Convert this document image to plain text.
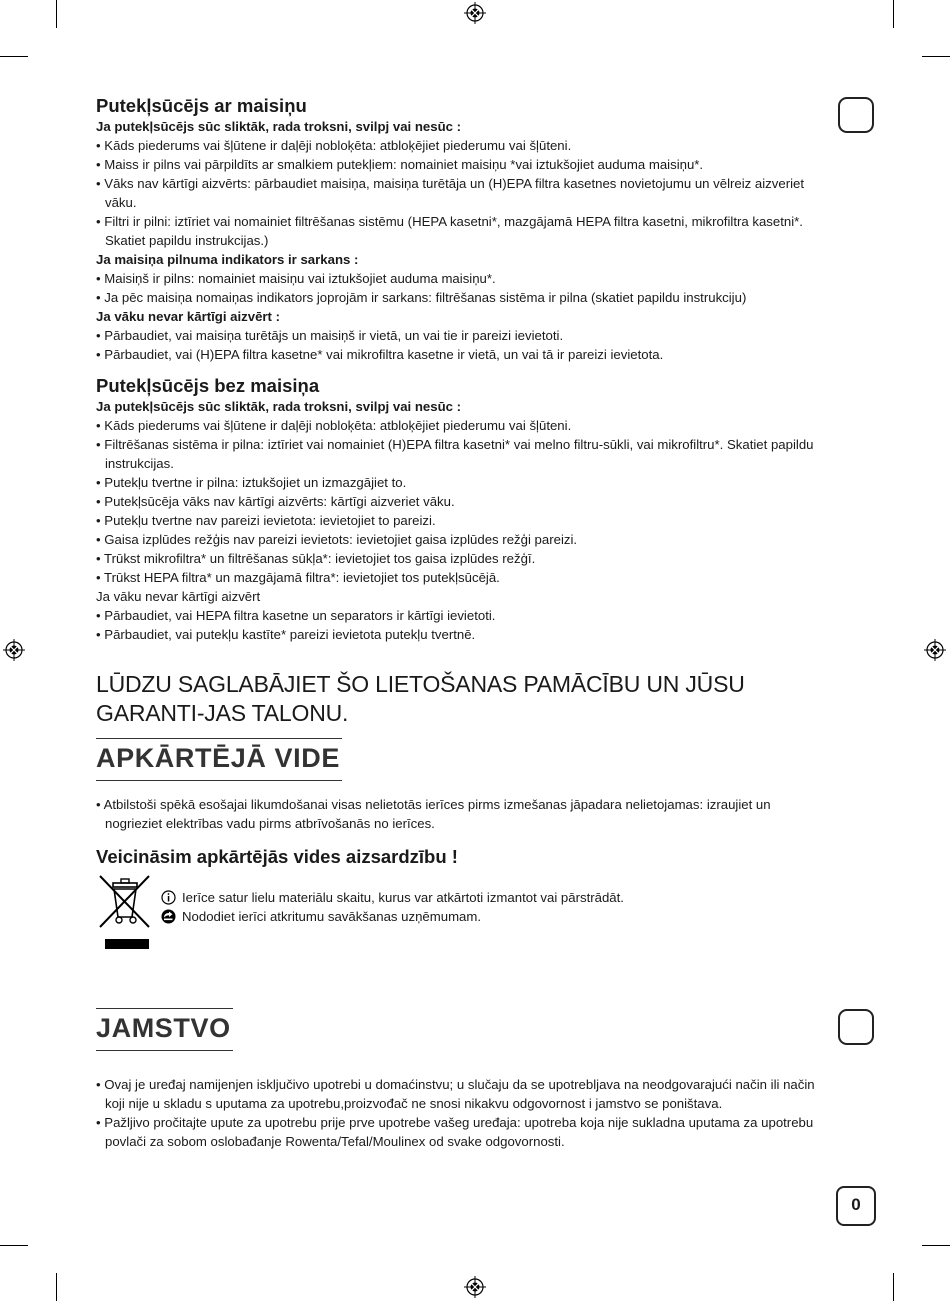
Putekļsūcējs ar maisiņu
Ja putekļsūcējs sūc sliktāk, rada troksni, svilpj vai nesūc :
• Kāds piederums vai šļūtene ir daļēji nobloķēta: atbloķējiet piederumu vai šļūteni.
• Maiss ir pilns vai pārpildīts ar smalkiem putekļiem: nomainiet maisiņu *vai iztukšojiet auduma maisiņu*.
• Vāks nav kārtīgi aizvērts: pārbaudiet maisiņa, maisiņa turētāja un (H)EPA filtra kasetnes novietojumu un vēlreiz aizveriet vāku.
• Filtri ir pilni: iztīriet vai nomainiet filtrēšanas sistēmu (HEPA kasetni*, mazgājamā HEPA filtra kasetni, mikrofiltra kasetni*. Skatiet papildu instrukcijas.)
Ja maisiņa pilnuma indikators ir sarkans :
• Maisiņš ir pilns: nomainiet maisiņu vai iztukšojiet auduma maisiņu*.
• Ja pēc maisiņa nomaiņas indikators joprojām ir sarkans: filtrēšanas sistēma ir pilna (skatiet papildu instrukciju)
Ja vāku nevar kārtīgi aizvērt :
• Pārbaudiet, vai maisiņa turētājs un maisiņš ir vietā, un vai tie ir pareizi ievietoti.
• Pārbaudiet, vai (H)EPA filtra kasetne* vai mikrofiltra kasetne ir vietā, un vai tā ir pareizi ievietota.
Putekļsūcējs bez maisiņa
Ja putekļsūcējs sūc sliktāk, rada troksni, svilpj vai nesūc :
• Kāds piederums vai šļūtene ir daļēji nobloķēta: atbloķējiet piederumu vai šļūteni.
• Filtrēšanas sistēma ir pilna: iztīriet vai nomainiet (H)EPA filtra kasetni* vai melno filtru-sūkli, vai mikrofiltru*. Skatiet papildu instrukcijas.
• Putekļu tvertne ir pilna: iztukšojiet un izmazgājiet to.
• Putekļsūcēja vāks nav kārtīgi aizvērts: kārtīgi aizveriet vāku.
• Putekļu tvertne nav pareizi ievietota: ievietojiet to pareizi.
• Gaisa izplūdes režģis nav pareizi ievietots: ievietojiet gaisa izplūdes režģi pareizi.
• Trūkst mikrofiltra* un filtrēšanas sūkļa*: ievietojiet tos gaisa izplūdes režģī.
• Trūkst HEPA filtra* un mazgājamā filtra*: ievietojiet tos putekļsūcējā.
Ja vāku nevar kārtīgi aizvērt
• Pārbaudiet, vai HEPA filtra kasetne un separators ir kārtīgi ievietoti.
• Pārbaudiet, vai putekļu kastīte* pareizi ievietota putekļu tvertnē.
LŪDZU SAGLABĀJIET ŠO LIETOŠANAS PAMĀCĪBU UN JŪSU GARANTI-JAS TALONU.
APKĀRTĒJĀ VIDE
• Atbilstoši spēkā esošajai likumdošanai visas nelietotās ierīces pirms izmešanas jāpadara nelietojamas: izraujiet un nogrieziet elektrības vadu pirms atbrīvošanās no ierīces.
Veicināsim apkārtējās vides aizsardzību !
Ierīce satur lielu materiālu skaitu, kurus var atkārtoti izmantot vai pārstrādāt.
Nododiet ierīci atkritumu savākšanas uzņēmumam.
JAMSTVO
• Ovaj je uređaj namijenjen isključivo upotrebi u domaćinstvu; u slučaju da se upotrebljava na neodgovarajući način ili način koji nije u skladu s uputama za upotrebu,proizvođač ne snosi nikakvu odgovornost i jamstvo se poništava.
• Pažljivo pročitajte upute za upotrebu prije prve upotrebe vašeg uređaja: upotreba koja nije sukladna uputama za upotrebu povlači za sobom oslobađanje Rowenta/Tefal/Moulinex od svake odgovornosti.
0
